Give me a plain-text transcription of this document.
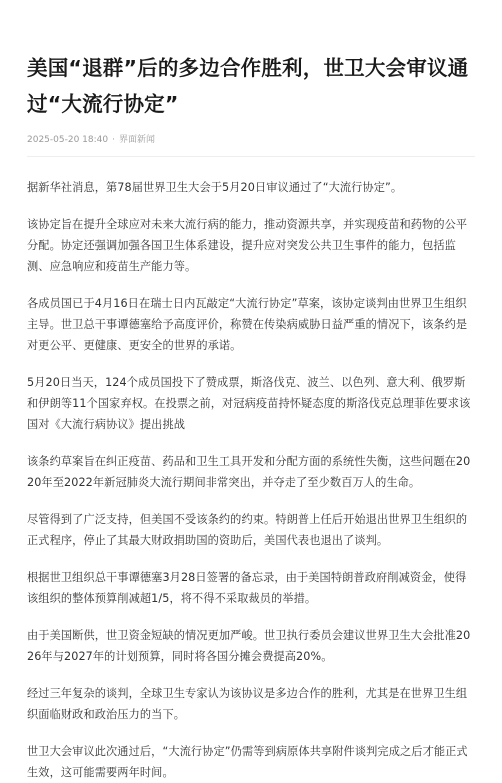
美国“退群”后的多边合作胜利，世卫大会审议通过“大流行协定”
2025-05-20 18:40 · 界面新闻

据新华社消息，第78届世界卫生大会于5月20日审议通过了“大流行协定”。

该协定旨在提升全球应对未来大流行病的能力，推动资源共享，并实现疫苗和药物的公平分配。协定还强调加强各国卫生体系建设，提升应对突发公共卫生事件的能力，包括监测、应急响应和疫苗生产能力等。

各成员国已于4月16日在瑞士日内瓦敲定“大流行协定”草案，该协定谈判由世界卫生组织主导。世卫总干事谭德塞给予高度评价，称赞在传染病威胁日益严重的情况下，该条约是对更公平、更健康、更安全的世界的承诺。

5月20日当天，124个成员国投下了赞成票，斯洛伐克、波兰、以色列、意大利、俄罗斯和伊朗等11个国家弃权。在投票之前，对冠病疫苗持怀疑态度的斯洛伐克总理菲佐要求该国对《大流行病协议》提出挑战

该条约草案旨在纠正疫苗、药品和卫生工具开发和分配方面的系统性失衡，这些问题在2020年至2022年新冠肺炎大流行期间非常突出，并夺走了至少数百万人的生命。

尽管得到了广泛支持，但美国不受该条约的约束。特朗普上任后开始退出世界卫生组织的正式程序，停止了其最大财政捐助国的资助后，美国代表也退出了谈判。

根据世卫组织总干事谭德塞3月28日签署的备忘录，由于美国特朗普政府削减资金，使得该组织的整体预算削减超1/5，将不得不采取裁员的举措。

由于美国断供，世卫资金短缺的情况更加严峻。世卫执行委员会建议世界卫生大会批准2026年与2027年的计划预算，同时将各国分摊会费提高20%。

经过三年复杂的谈判，全球卫生专家认为该协议是多边合作的胜利，尤其是在世界卫生组织面临财政和政治压力的当下。

世卫大会审议此次通过后，“大流行协定”仍需等到病原体共享附件谈判完成之后才能正式生效，这可能需要两年时间。
